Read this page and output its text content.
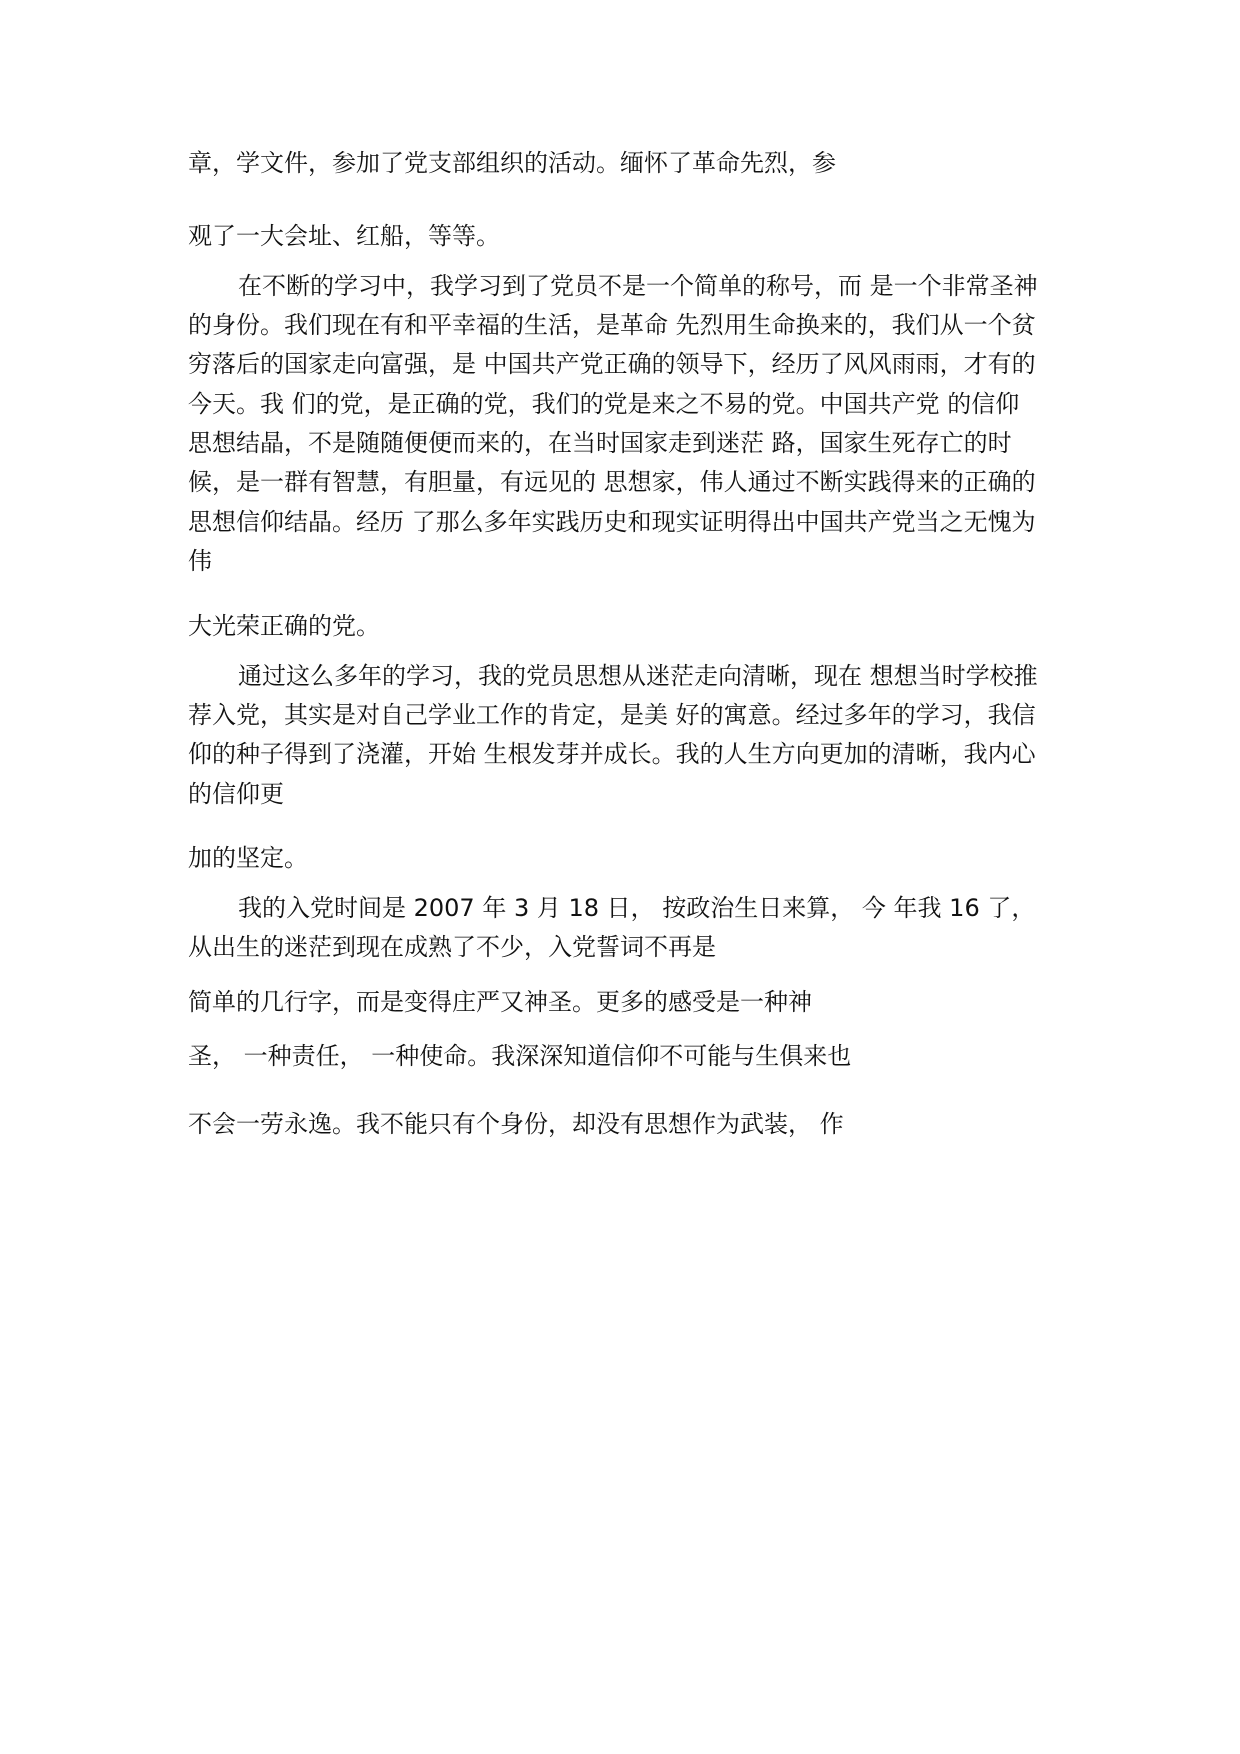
章，学文件，参加了党支部组织的活动。缅怀了革命先烈，参
观了一大会址、红船，等等。
在不断的学习中，我学习到了党员不是一个简单的称号，而 是一个非常圣神
的身份。我们现在有和平幸福的生活，是革命 先烈用生命换来的，我们从一个贫
穷落后的国家走向富强，是 中国共产党正确的领导下，经历了风风雨雨，才有的
今天。我 们的党，是正确的党，我们的党是来之不易的党。中国共产党 的信仰
思想结晶，不是随随便便而来的，在当时国家走到迷茫 路，国家生死存亡的时
候，是一群有智慧，有胆量，有远见的 思想家，伟人通过不断实践得来的正确的
思想信仰结晶。经历 了那么多年实践历史和现实证明得出中国共产党当之无愧为
伟
大光荣正确的党。
通过这么多年的学习，我的党员思想从迷茫走向清晰，现在 想想当时学校推
荐入党，其实是对自己学业工作的肯定，是美 好的寓意。经过多年的学习，我信
仰的种子得到了浇灌，开始 生根发芽并成长。我的人生方向更加的清晰，我内心
的信仰更
加的坚定。
我的入党时间是 2007 年 3 月 18 日， 按政治生日来算， 今 年我 16 了，
从出生的迷茫到现在成熟了不少，入党誓词不再是
简单的几行字，而是变得庄严又神圣。更多的感受是一种神
圣， 一种责任， 一种使命。我深深知道信仰不可能与生俱来也
不会一劳永逸。我不能只有个身份，却没有思想作为武装， 作
